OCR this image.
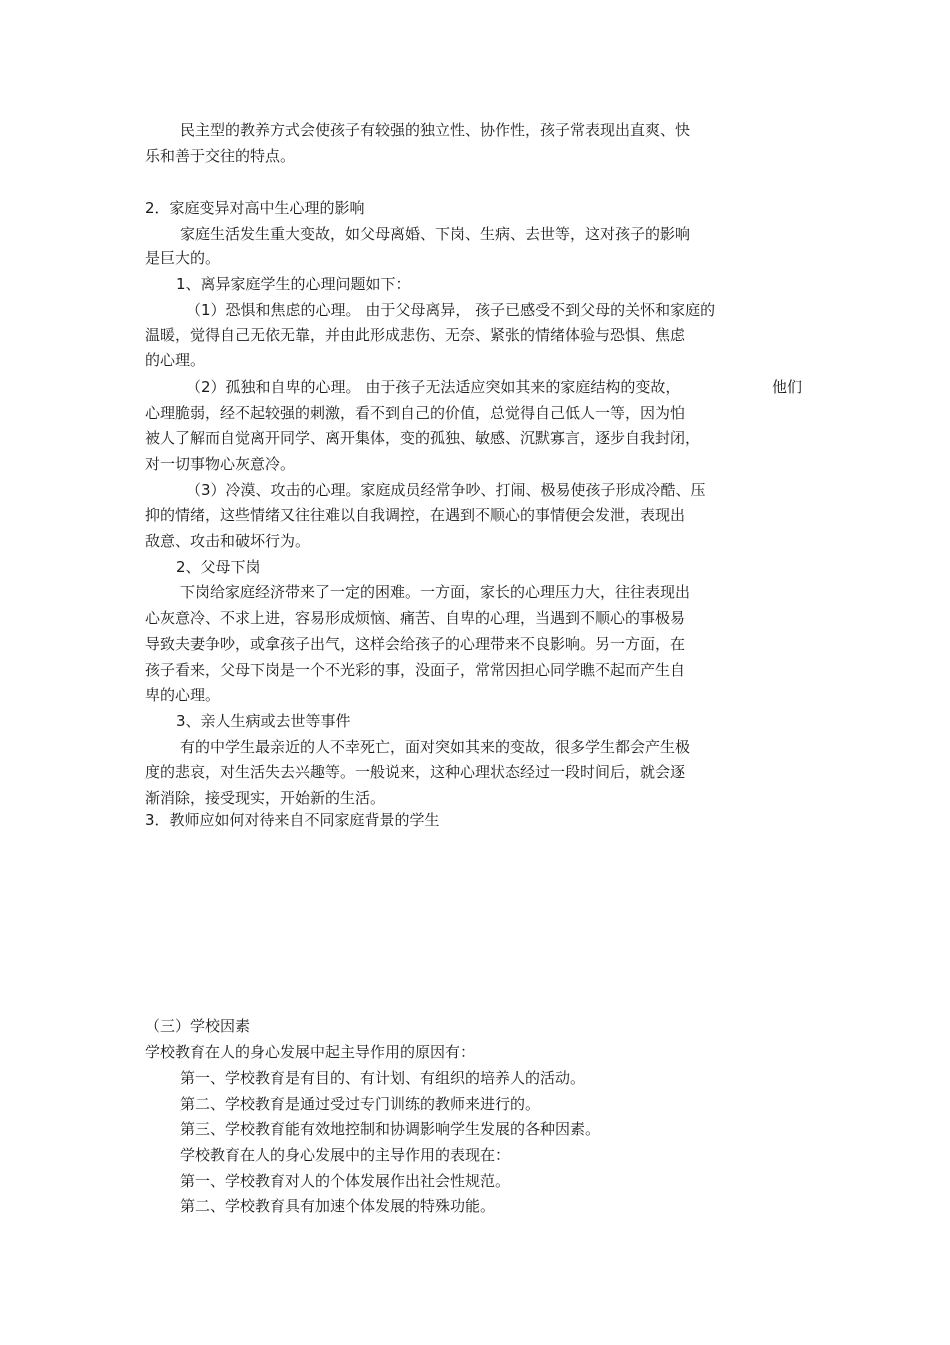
民主型的教养方式会使孩子有较强的独立性、协作性，孩子常表现出直爽、快

乐和善于交往的特点。

2．家庭变异对高中生心理的影响

家庭生活发生重大变故，如父母离婚、下岗、生病、去世等，这对孩子的影响

是巨大的。

1、离异家庭学生的心理问题如下：

（1）恐惧和焦虑的心理。 由于父母离异， 孩子已感受不到父母的关怀和家庭的

温暖，觉得自己无依无靠，并由此形成悲伤、无奈、紧张的情绪体验与恐惧、焦虑

的心理。

（2）孤独和自卑的心理。 由于孩子无法适应突如其来的家庭结构的变故，	他们

心理脆弱，经不起较强的刺激，看不到自己的价值，总觉得自己低人一等，因为怕

被人了解而自觉离开同学、离开集体，变的孤独、敏感、沉默寡言，逐步自我封闭，

对一切事物心灰意冷。

（3）冷漠、攻击的心理。家庭成员经常争吵、打闹、极易使孩子形成冷酷、压

抑的情绪，这些情绪又往往难以自我调控，在遇到不顺心的事情便会发泄，表现出

敌意、攻击和破坏行为。

2、父母下岗

下岗给家庭经济带来了一定的困难。一方面，家长的心理压力大，往往表现出

心灰意冷、不求上进，容易形成烦恼、痛苦、自卑的心理，当遇到不顺心的事极易

导致夫妻争吵，或拿孩子出气，这样会给孩子的心理带来不良影响。另一方面，在

孩子看来，父母下岗是一个不光彩的事，没面子，常常因担心同学瞧不起而产生自

卑的心理。

3、亲人生病或去世等事件

有的中学生最亲近的人不幸死亡，面对突如其来的变故，很多学生都会产生极

度的悲哀，对生活失去兴趣等。一般说来，这种心理状态经过一段时间后，就会逐

渐消除，接受现实，开始新的生活。

3．教师应如何对待来自不同家庭背景的学生

（三）学校因素

学校教育在人的身心发展中起主导作用的原因有：

第一、学校教育是有目的、有计划、有组织的培养人的活动。

第二、学校教育是通过受过专门训练的教师来进行的。

第三、学校教育能有效地控制和协调影响学生发展的各种因素。

学校教育在人的身心发展中的主导作用的表现在：

第一、学校教育对人的个体发展作出社会性规范。

第二、学校教育具有加速个体发展的特殊功能。
